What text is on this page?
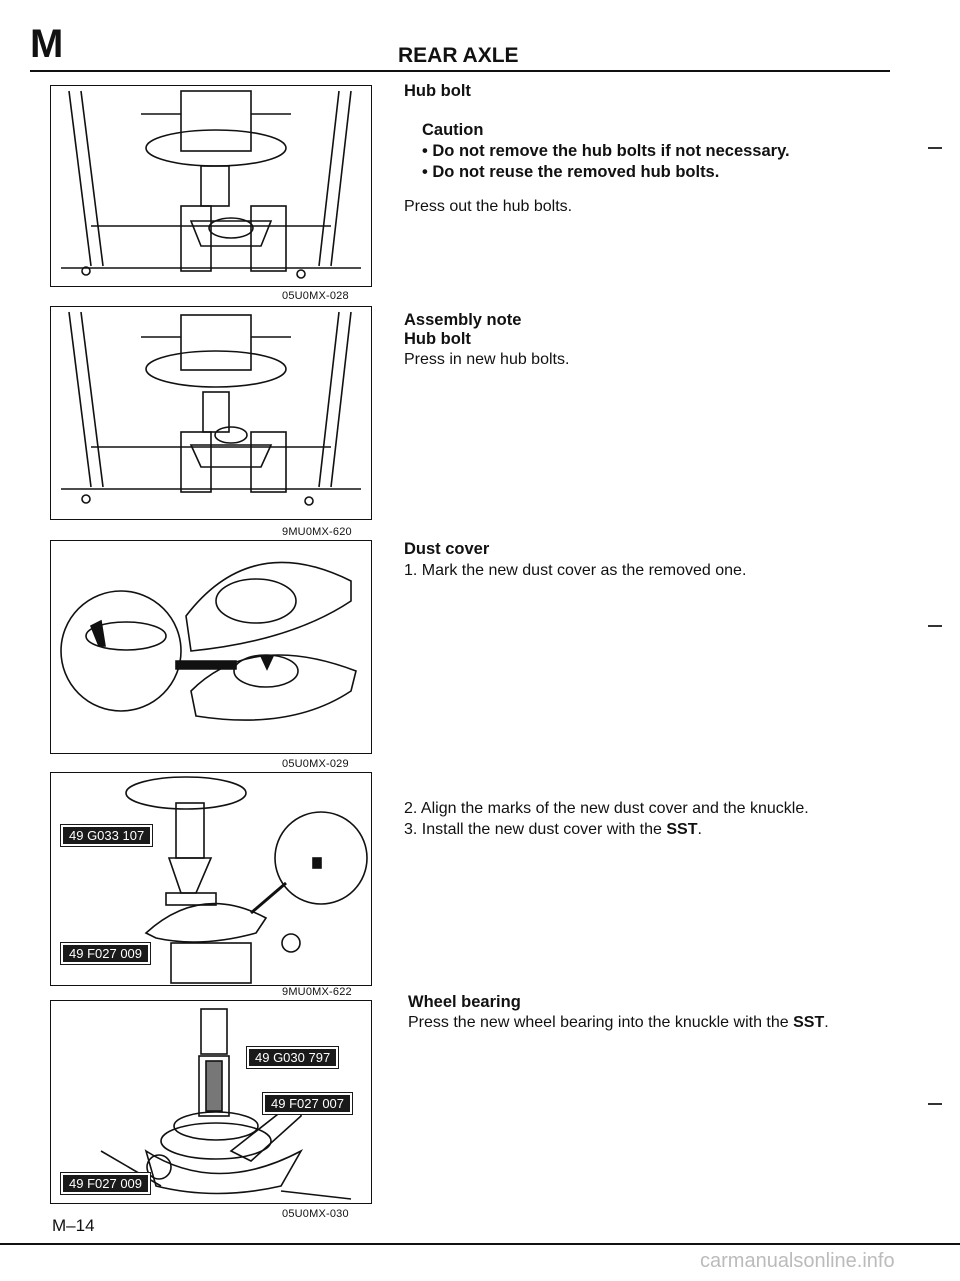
M	REAR AXLE
05U0MX-028
9MU0MX-620
05U0MX-029
49 G033 107
49 F027 009
9MU0MX-622
49 G030 797
49 F027 007
49 F027 009
05U0MX-030
Hub bolt
Caution
• Do not remove the hub bolts if not necessary.
• Do not reuse the removed hub bolts.
Press out the hub bolts.
Assembly note
Hub bolt
Press in new hub bolts.
Dust cover
1. Mark the new dust cover as the removed one.
2. Align the marks of the new dust cover and the knuckle.
3. Install the new dust cover with the SST.
Wheel bearing
Press the new wheel bearing into the knuckle with the SST.
M–14
carmanualsonline.info
